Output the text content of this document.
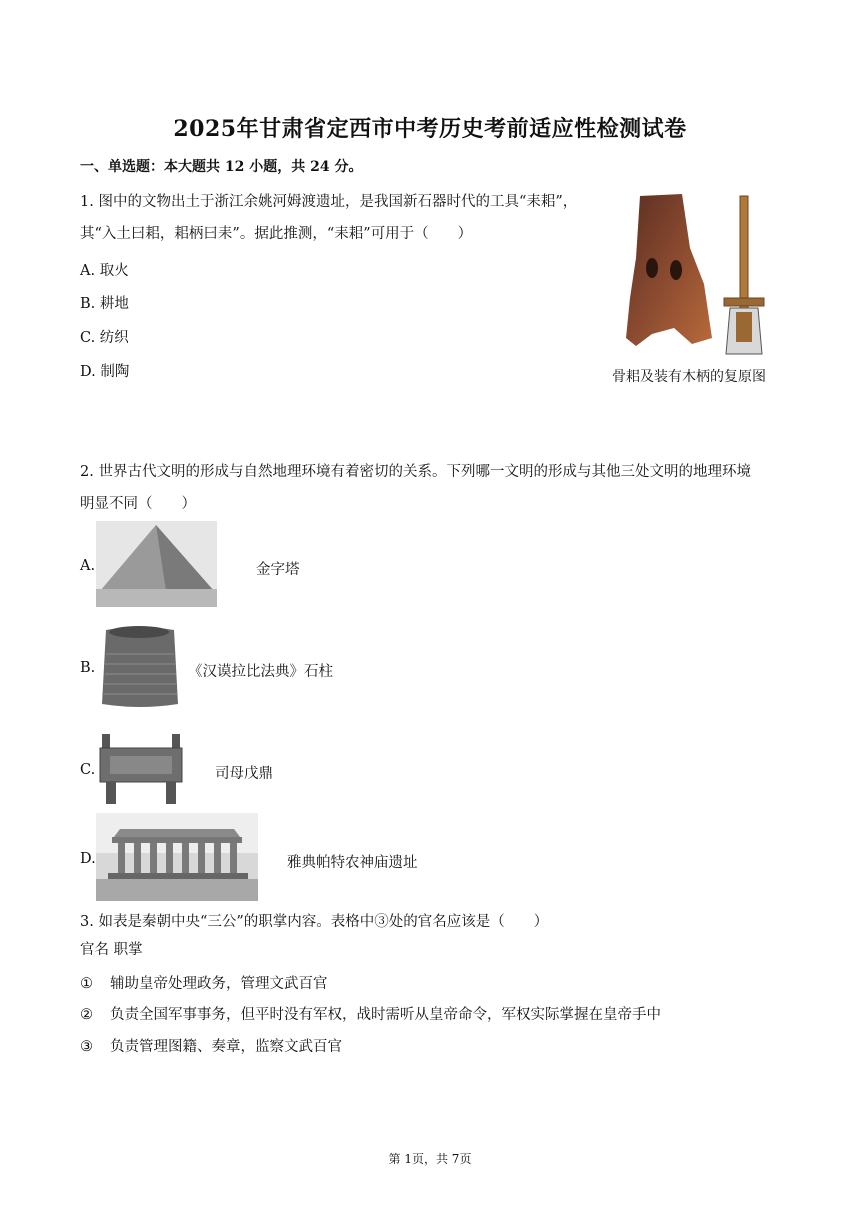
2025年甘肃省定西市中考历史考前适应性检测试卷
一、单选题：本大题共 12 小题，共 24 分。
1. 图中的文物出土于浙江余姚河姆渡遗址，是我国新石器时代的工具“耒耜”，
其“入土曰耜，耜柄曰耒”。据此推测，“耒耜”可用于（　　）
A. 取火
B. 耕地
C. 纺织
D. 制陶	骨耜及装有木柄的复原图
2. 世界古代文明的形成与自然地理环境有着密切的关系。下列哪一文明的形成与其他三处文明的地理环境
明显不同（　　）
A.	金字塔
B.	《汉谟拉比法典》石柱
C.	司母戊鼎
D.	雅典帕特农神庙遗址
3. 如表是秦朝中央“三公”的职掌内容。表格中③处的官名应该是（　　）
官名 职掌
① 辅助皇帝处理政务，管理文武百官
② 负责全国军事事务，但平时没有军权，战时需听从皇帝命令，军权实际掌握在皇帝手中
③ 负责管理图籍、奏章，监察文武百官
第 1页，共 7页
